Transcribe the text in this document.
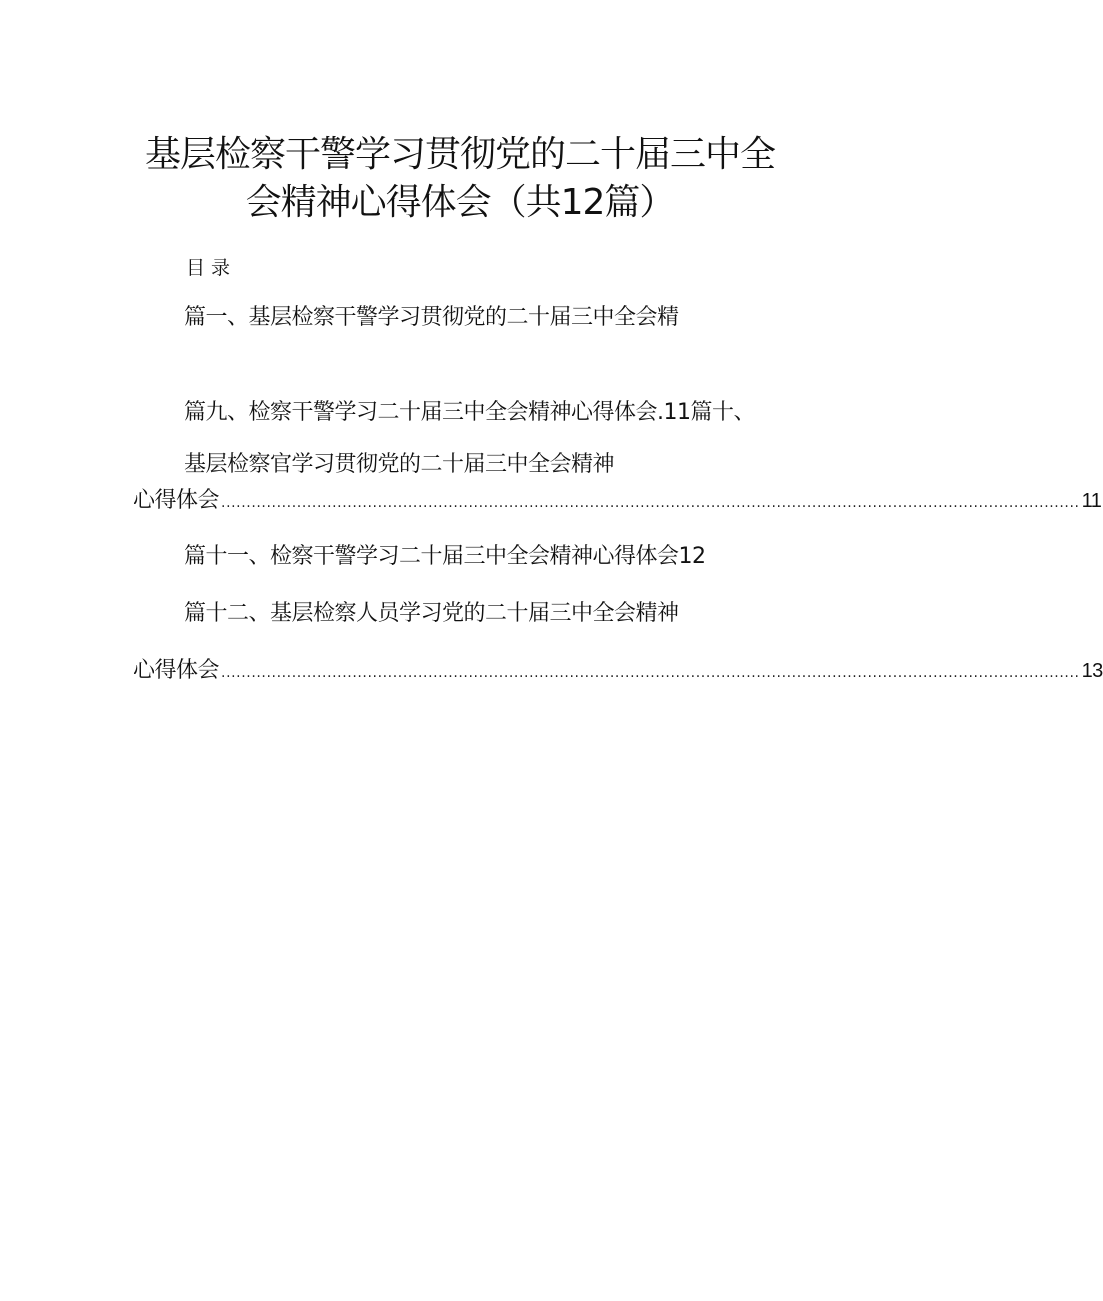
基层检察干警学习贯彻党的二十届三中全
会精神心得体会（共12篇）
目录
篇一、基层检察干警学习贯彻党的二十届三中全会精
篇九、检察干警学习二十届三中全会精神心得体会.11篇十、
基层检察官学习贯彻党的二十届三中全会精神
心得体会 .......................................................................................................................................................................... 11
篇十一、检察干警学习二十届三中全会精神心得体会12
篇十二、基层检察人员学习党的二十届三中全会精神
心得体会 .......................................................................................................................................................................... 13
